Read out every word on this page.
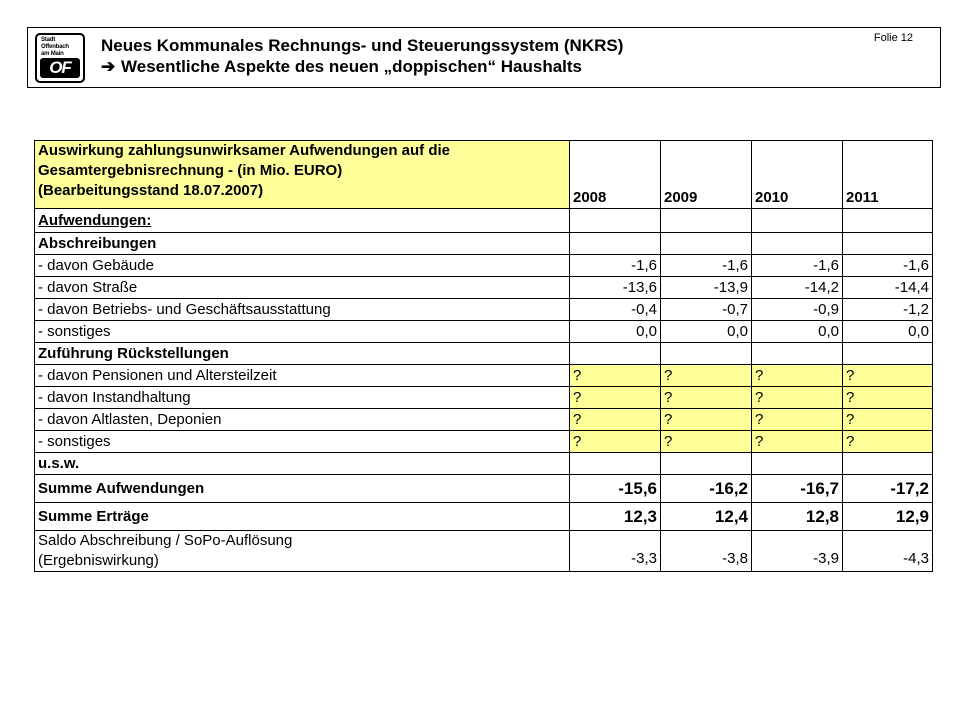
Stadt
Offenbach
am Main
OF
Neues Kommunales Rechnungs- und Steuerungssystem (NKRS)
➔ Wesentliche Aspekte des neuen „doppischen“ Haushalts
Folie 12
Auswirkung zahlungsunwirksamer Aufwendungen auf die
Gesamtergebnisrechnung - (in Mio. EURO)
(Bearbeitungsstand 18.07.2007)	2008	2009	2010	2011
Aufwendungen:				
Abschreibungen				
- davon Gebäude	-1,6	-1,6	-1,6	-1,6
- davon Straße	-13,6	-13,9	-14,2	-14,4
- davon Betriebs- und Geschäftsausstattung	-0,4	-0,7	-0,9	-1,2
- sonstiges	0,0	0,0	0,0	0,0
Zuführung Rückstellungen				
- davon Pensionen und Altersteilzeit	?	?	?	?
- davon Instandhaltung	?	?	?	?
- davon Altlasten, Deponien	?	?	?	?
- sonstiges	?	?	?	?
u.s.w.				
Summe Aufwendungen	-15,6	-16,2	-16,7	-17,2
Summe Erträge	12,3	12,4	12,8	12,9

Saldo Abschreibung / SoPo-Auflösung
(Ergebniswirkung)	-3,3	-3,8	-3,9	-4,3
